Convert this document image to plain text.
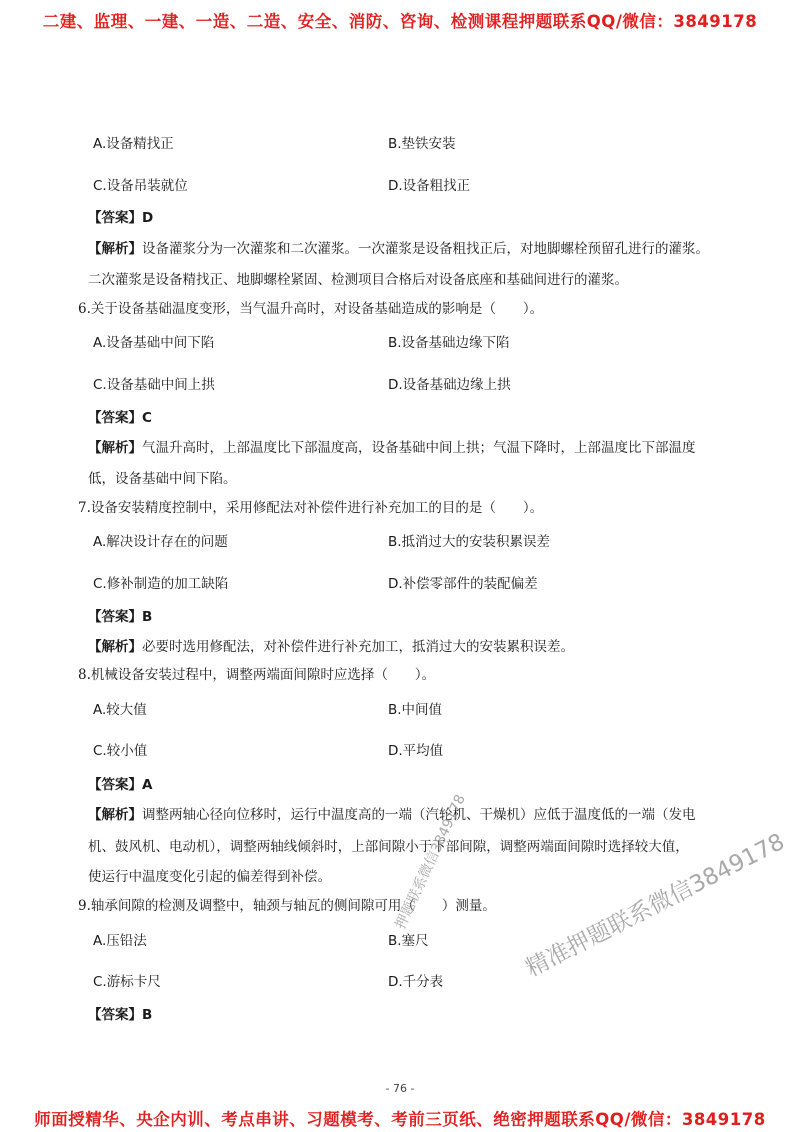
二建、监理、一建、一造、二造、安全、消防、咨询、检测课程押题联系QQ/微信：3849178
A.设备精找正	B.垫铁安装
C.设备吊装就位	D.设备粗找正
【答案】D
【解析】设备灌浆分为一次灌浆和二次灌浆。一次灌浆是设备粗找正后，对地脚螺栓预留孔进行的灌浆。
二次灌浆是设备精找正、地脚螺栓紧固、检测项目合格后对设备底座和基础间进行的灌浆。
6.关于设备基础温度变形，当气温升高时，对设备基础造成的影响是（　　）。
A.设备基础中间下陷	B.设备基础边缘下陷
C.设备基础中间上拱	D.设备基础边缘上拱
【答案】C
【解析】气温升高时，上部温度比下部温度高，设备基础中间上拱；气温下降时，上部温度比下部温度
低，设备基础中间下陷。
7.设备安装精度控制中，采用修配法对补偿件进行补充加工的目的是（　　）。
A.解决设计存在的问题	B.抵消过大的安装积累误差
C.修补制造的加工缺陷	D.补偿零部件的装配偏差
【答案】B
【解析】必要时选用修配法，对补偿件进行补充加工，抵消过大的安装累积误差。
8.机械设备安装过程中，调整两端面间隙时应选择（　　）。
A.较大值	B.中间值
C.较小值	D.平均值
【答案】A
【解析】调整两轴心径向位移时，运行中温度高的一端（汽轮机、干燥机）应低于温度低的一端（发电
机、鼓风机、电动机），调整两轴线倾斜时，上部间隙小于下部间隙，调整两端面间隙时选择较大值，
使运行中温度变化引起的偏差得到补偿。
9.轴承间隙的检测及调整中，轴颈与轴瓦的侧间隙可用（　　）测量。
A.压铅法	B.塞尺
C.游标卡尺	D.千分表
【答案】B
精准押题联系微信3849178
押题联系微信3849178
- 76 -
师面授精华、央企内训、考点串讲、习题模考、考前三页纸、绝密押题联系QQ/微信：3849178
